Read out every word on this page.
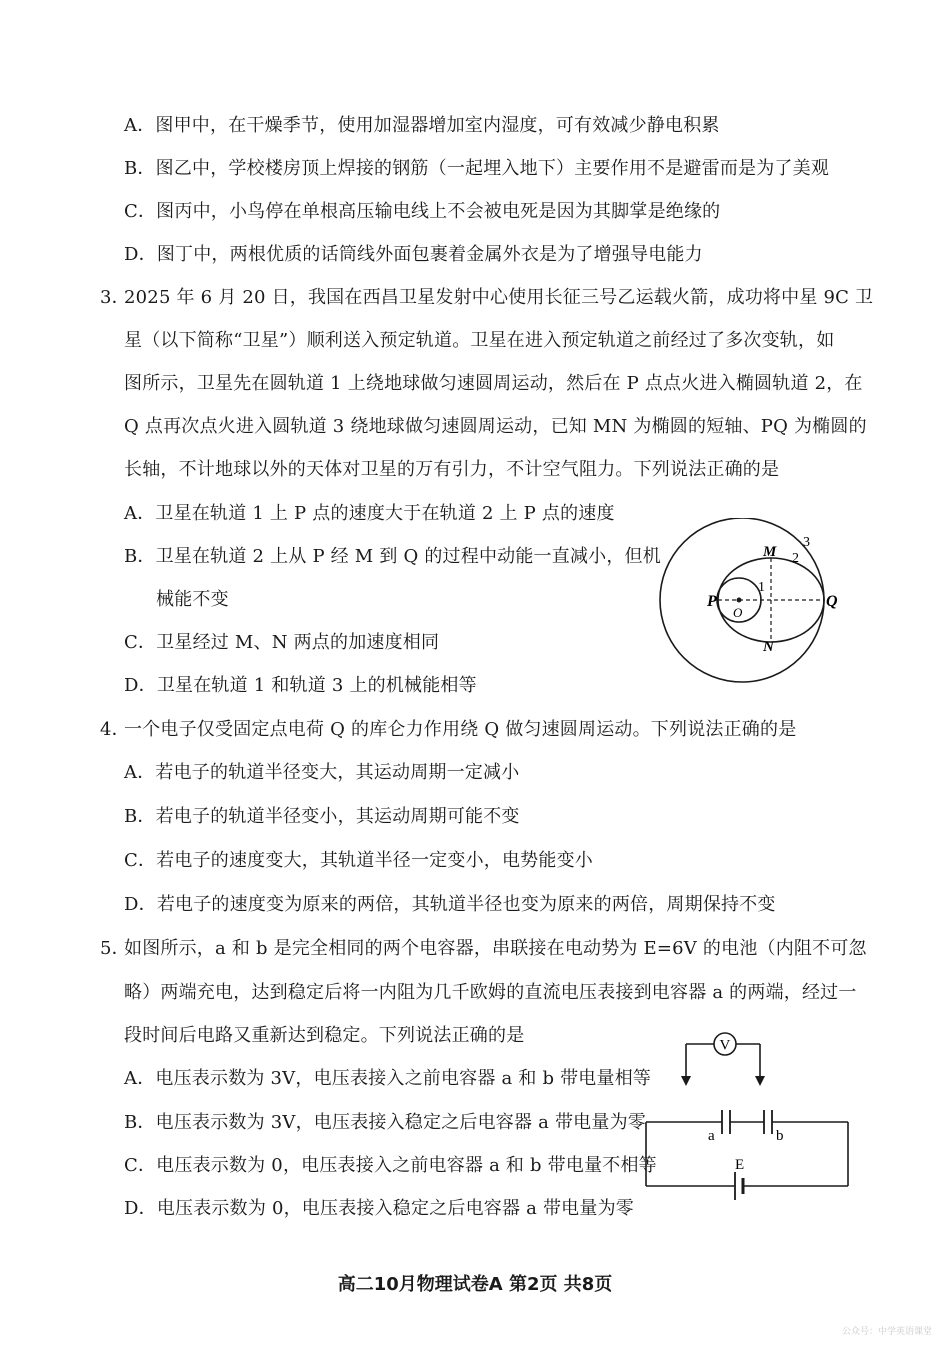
A．图甲中，在干燥季节，使用加湿器增加室内湿度，可有效减少静电积累
B．图乙中，学校楼房顶上焊接的钢筋（一起埋入地下）主要作用不是避雷而是为了美观
C．图丙中，小鸟停在单根高压输电线上不会被电死是因为其脚掌是绝缘的
D．图丁中，两根优质的话筒线外面包裹着金属外衣是为了增强导电能力
3．2025 年 6 月 20 日，我国在西昌卫星发射中心使用长征三号乙运载火箭，成功将中星 9C 卫
星（以下简称“卫星”）顺利送入预定轨道。卫星在进入预定轨道之前经过了多次变轨，如
图所示，卫星先在圆轨道 1 上绕地球做匀速圆周运动，然后在 P 点点火进入椭圆轨道 2，在
Q 点再次点火进入圆轨道 3 绕地球做匀速圆周运动，已知 MN 为椭圆的短轴、PQ 为椭圆的
长轴，不计地球以外的天体对卫星的万有引力，不计空气阻力。下列说法正确的是
A．卫星在轨道 1 上 P 点的速度大于在轨道 2 上 P 点的速度
B．卫星在轨道 2 上从 P 经 M 到 Q 的过程中动能一直减小，但机
械能不变
C．卫星经过 M、N 两点的加速度相同
D．卫星在轨道 1 和轨道 3 上的机械能相等
P
O
Q
M
N
1
2
3
4．一个电子仅受固定点电荷 Q 的库仑力作用绕 Q 做匀速圆周运动。下列说法正确的是
A．若电子的轨道半径变大，其运动周期一定减小
B．若电子的轨道半径变小，其运动周期可能不变
C．若电子的速度变大，其轨道半径一定变小，电势能变小
D．若电子的速度变为原来的两倍，其轨道半径也变为原来的两倍，周期保持不变
5．如图所示，a 和 b 是完全相同的两个电容器，串联接在电动势为 E=6V 的电池（内阻不可忽
略）两端充电，达到稳定后将一内阻为几千欧姆的直流电压表接到电容器 a 的两端，经过一
段时间后电路又重新达到稳定。下列说法正确的是
A．电压表示数为 3V，电压表接入之前电容器 a 和 b 带电量相等
B．电压表示数为 3V，电压表接入稳定之后电容器 a 带电量为零
C．电压表示数为 0，电压表接入之前电容器 a 和 b 带电量不相等
D．电压表示数为 0，电压表接入稳定之后电容器 a 带电量为零
V
a	b
E
高二10月物理试卷A 第2页 共8页
公众号：中学英语课堂
